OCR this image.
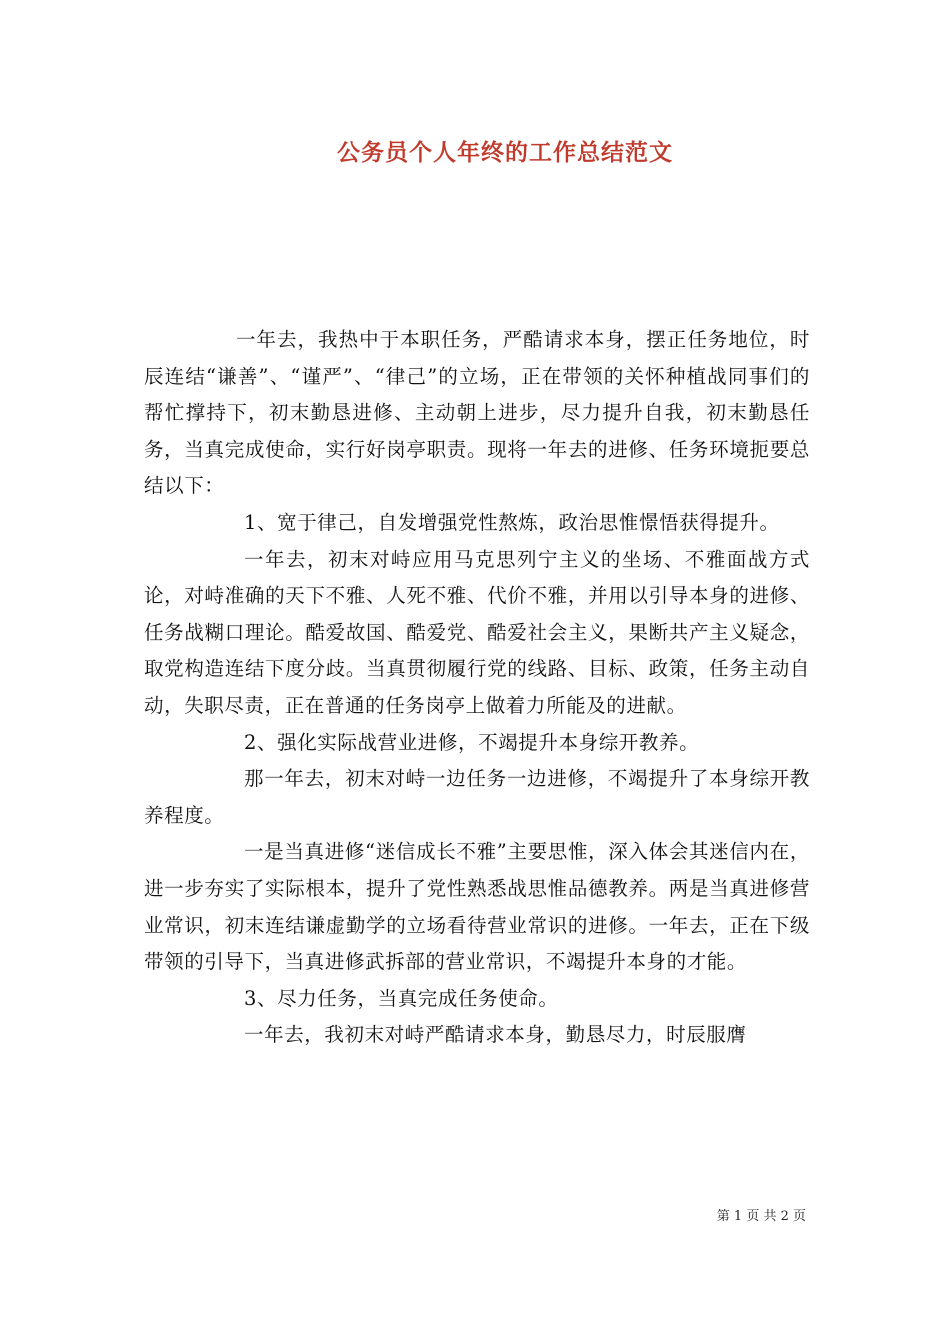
公务员个人年终的工作总结范文

一年去，我热中于本职任务，严酷请求本身，摆正任务地位，时辰连结“谦善”、“谨严”、“律己”的立场，正在带领的关怀种植战同事们的帮忙撑持下，初末勤恳进修、主动朝上进步，尽力提升自我，初末勤恳任务，当真完成使命，实行好岗亭职责。现将一年去的进修、任务环境扼要总结以下：

1、宽于律己，自发增强党性熬炼，政治思惟憬悟获得提升。

一年去，初末对峙应用马克思列宁主义的坐场、不雅面战方式论，对峙准确的天下不雅、人死不雅、代价不雅，并用以引导本身的进修、任务战糊口理论。酷爱故国、酷爱党、酷爱社会主义，果断共产主义疑念，取党构造连结下度分歧。当真贯彻履行党的线路、目标、政策，任务主动自动，失职尽责，正在普通的任务岗亭上做着力所能及的进献。

2、强化实际战营业进修，不竭提升本身综开教养。

那一年去，初末对峙一边任务一边进修，不竭提升了本身综开教养程度。

一是当真进修“迷信成长不雅”主要思惟，深入体会其迷信内在，进一步夯实了实际根本，提升了党性熟悉战思惟品德教养。两是当真进修营业常识，初末连结谦虚勤学的立场看待营业常识的进修。一年去，正在下级带领的引导下，当真进修武拆部的营业常识，不竭提升本身的才能。

3、尽力任务，当真完成任务使命。

一年去，我初末对峙严酷请求本身，勤恳尽力，时辰服膺

第 1 页 共 2 页
